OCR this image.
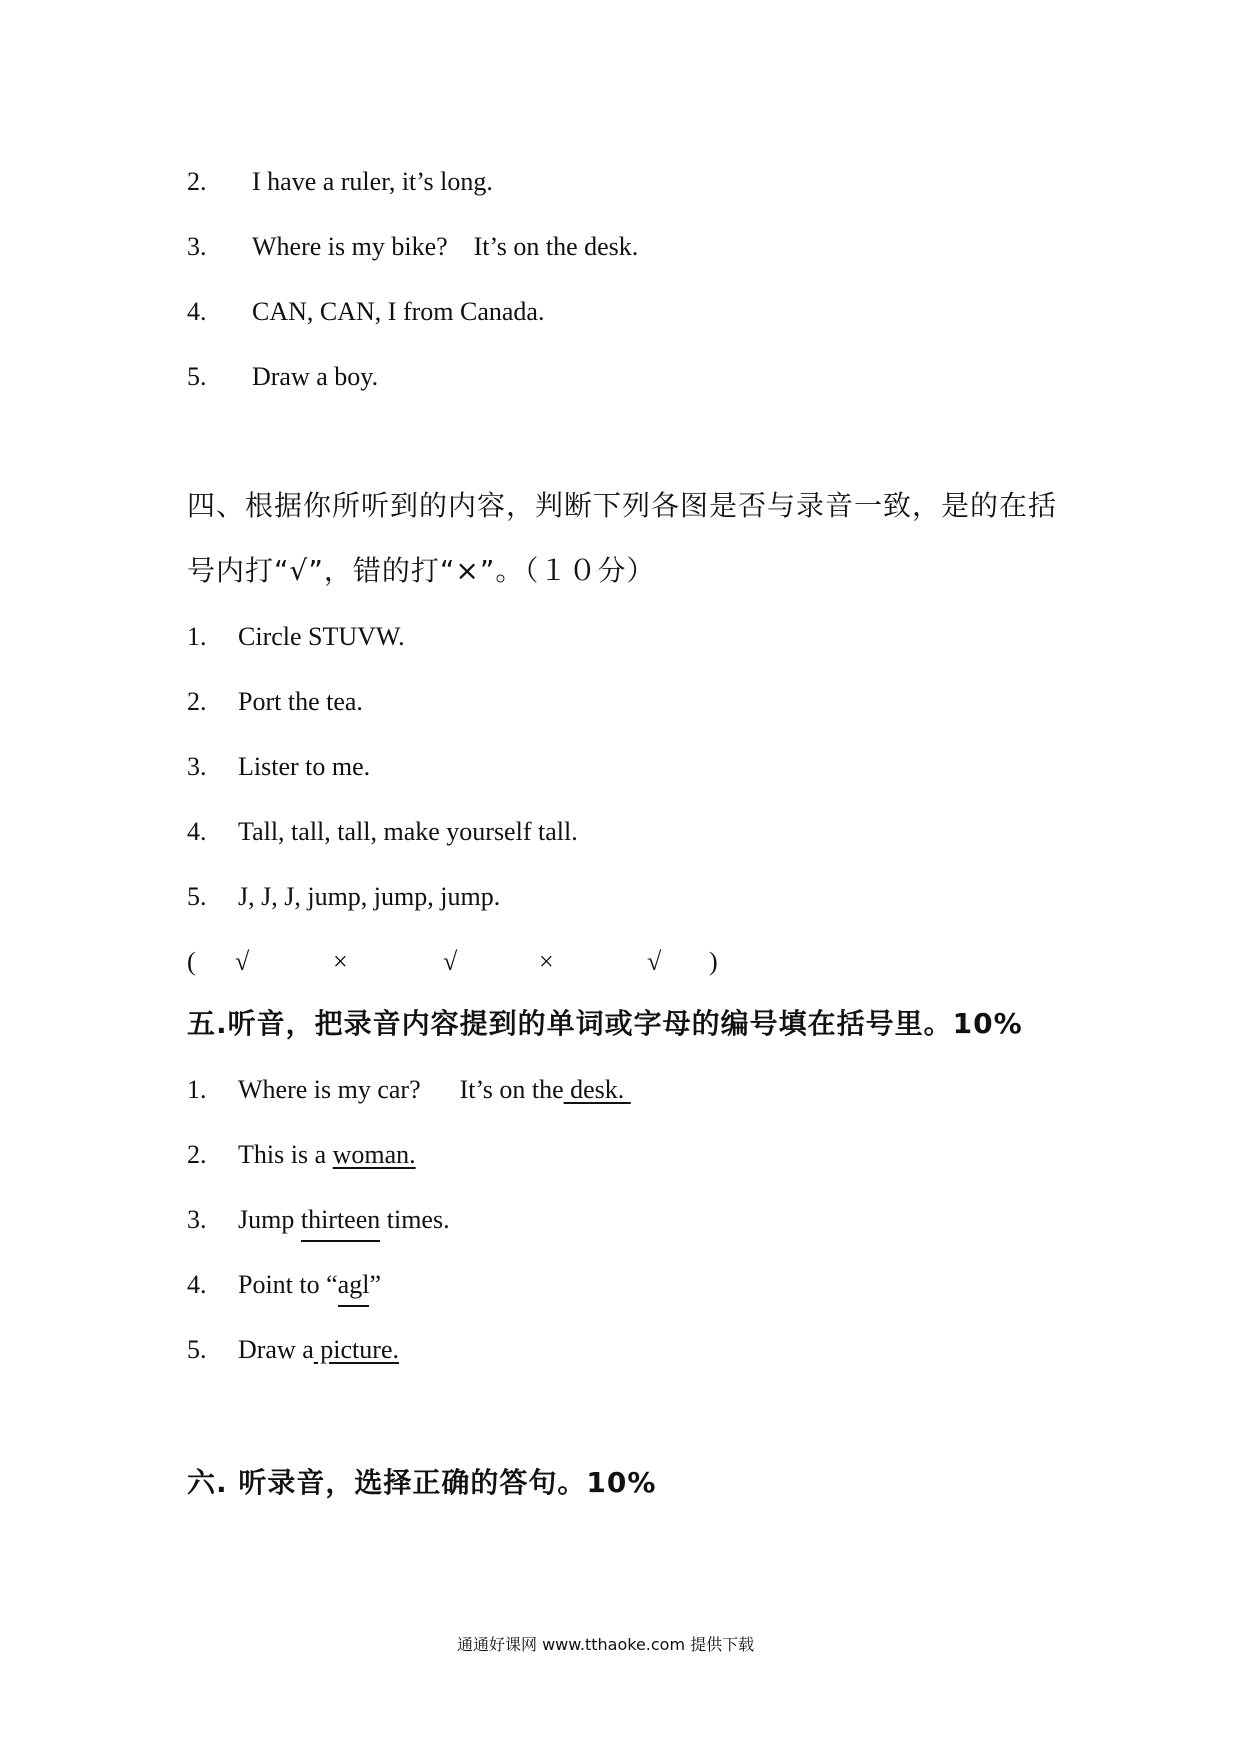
2. I have a ruler, it’s long.
3. Where is my bike?    It’s on the desk.
4. CAN, CAN, I from Canada.
5. Draw a boy.
四、根据你所听到的内容，判断下列各图是否与录音一致，是的在括
号内打“√”，错的打“×”。（１０分）
1. Circle STUVW.
2. Port the tea.
3. Lister to me.
4. Tall, tall, tall, make yourself tall.
5. J, J, J, jump, jump, jump.
( √	×	√	×	√ )
五.听音，把录音内容提到的单词或字母的编号填在括号里。10%
1. Where is my car?      It’s on the desk.
2. This is a woman.
3. Jump thirteen times.
4. Point to “agl”
5. Draw a picture.
六. 听录音，选择正确的答句。10%
通通好课网 www.tthaoke.com 提供下载
